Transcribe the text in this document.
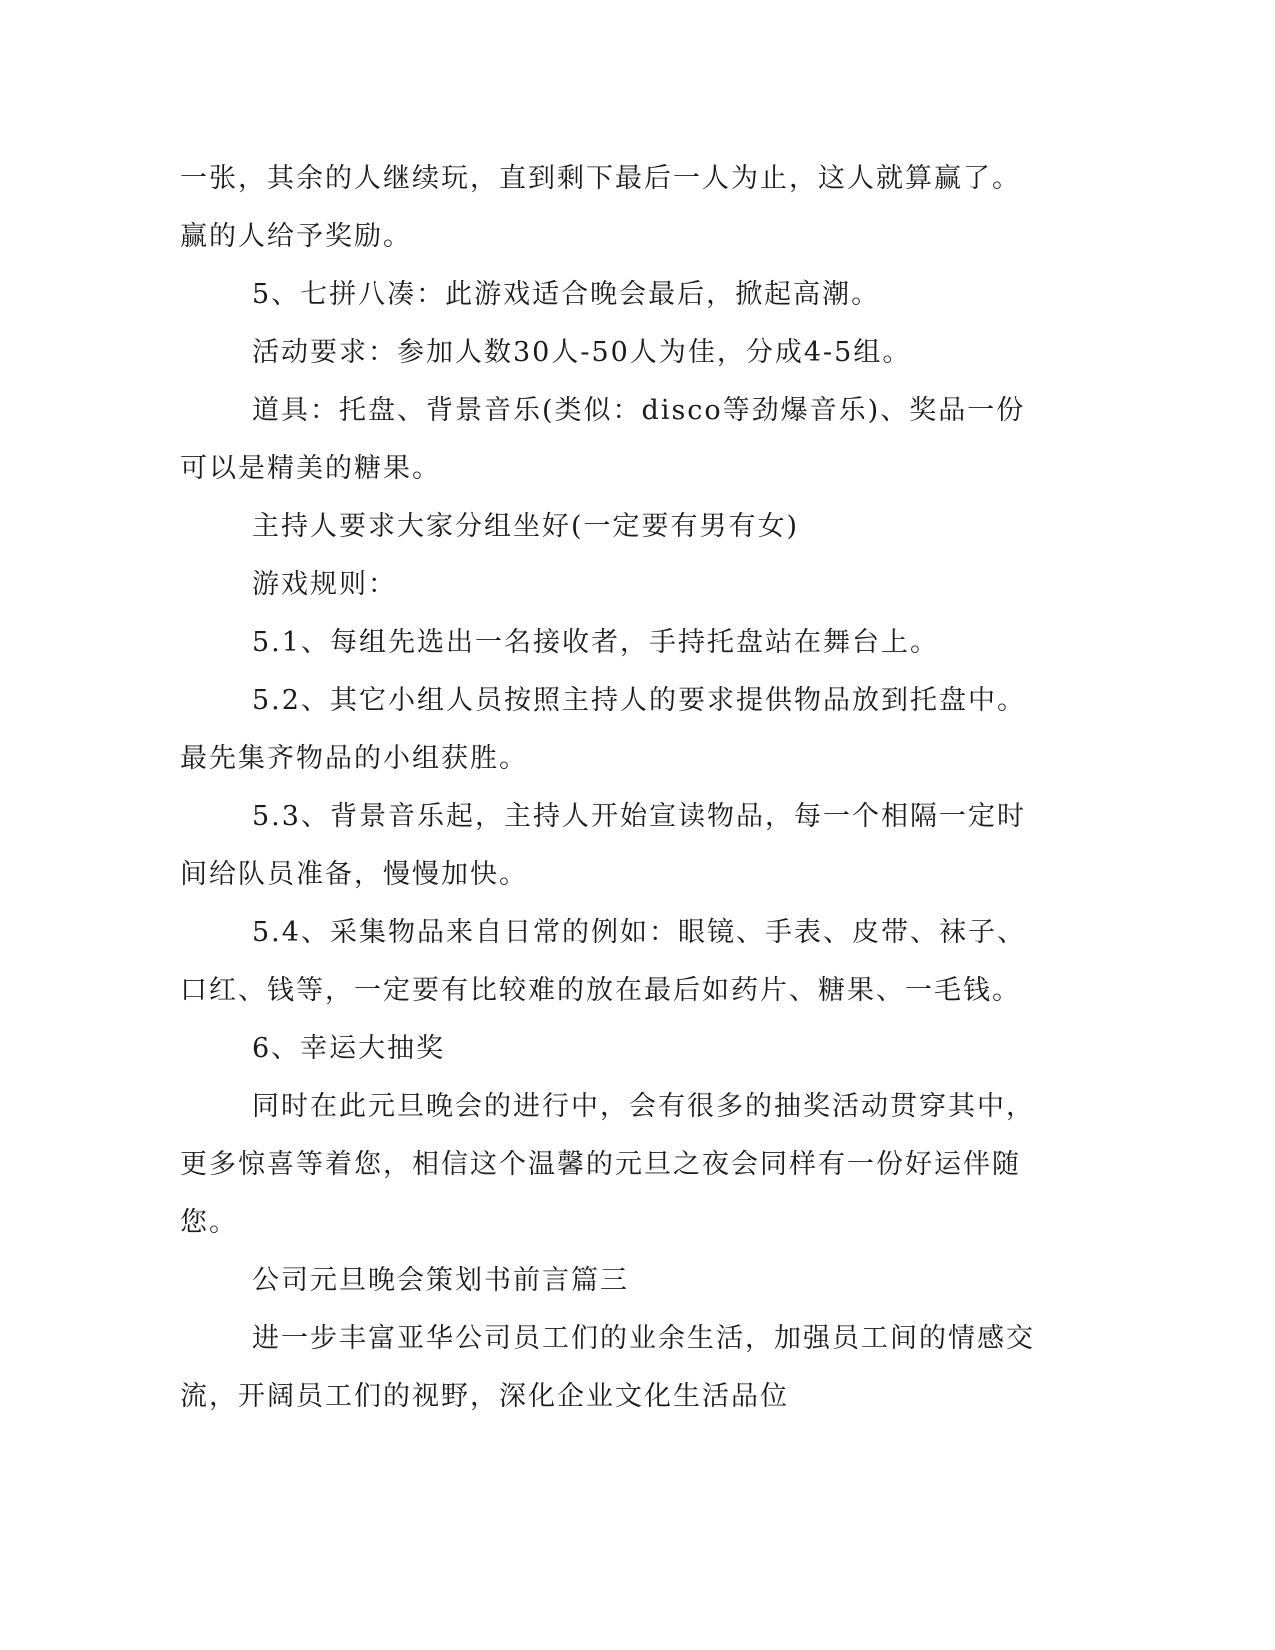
一张，其余的人继续玩，直到剩下最后一人为止，这人就算赢了。赢的人给予奖励。

5、七拼八凑：此游戏适合晚会最后，掀起高潮。

活动要求：参加人数30人-50人为佳，分成4-5组。

道具：托盘、背景音乐(类似：disco等劲爆音乐)、奖品一份可以是精美的糖果。

主持人要求大家分组坐好(一定要有男有女)

游戏规则：

5.1、每组先选出一名接收者，手持托盘站在舞台上。

5.2、其它小组人员按照主持人的要求提供物品放到托盘中。最先集齐物品的小组获胜。

5.3、背景音乐起，主持人开始宣读物品，每一个相隔一定时间给队员准备，慢慢加快。

5.4、采集物品来自日常的例如：眼镜、手表、皮带、袜子、口红、钱等，一定要有比较难的放在最后如药片、糖果、一毛钱。

6、幸运大抽奖

同时在此元旦晚会的进行中，会有很多的抽奖活动贯穿其中，更多惊喜等着您，相信这个温馨的元旦之夜会同样有一份好运伴随您。

公司元旦晚会策划书前言篇三

进一步丰富亚华公司员工们的业余生活，加强员工间的情感交流，开阔员工们的视野，深化企业文化生活品位
